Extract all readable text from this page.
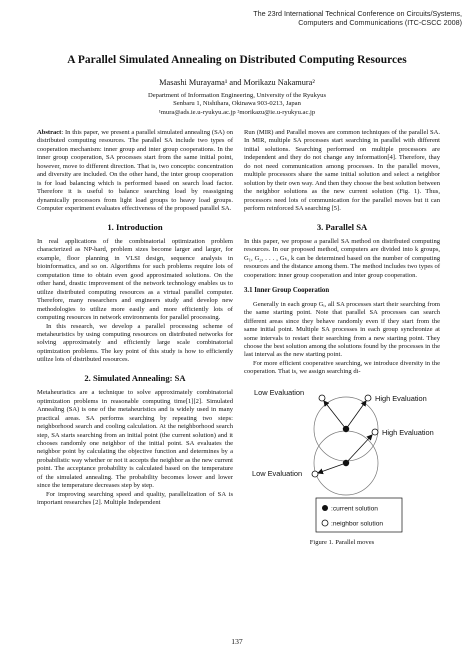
The 23rd International Technical Conference on Circuits/Systems,
Computers and Communications (ITC-CSCC 2008)
A Parallel Simulated Annealing on Distributed Computing Resources
Masashi Murayama¹ and Morikazu Nakamura²
Department of Information Engineering, University of the Ryukyus
Senbaru 1, Nishihara, Okinawa 903-0213, Japan
¹mura@ads.ie.u-ryukyu.ac.jp ²morikazu@ie.u-ryukyu.ac.jp

Abstract: In this paper, we present a parallel simulated annealing (SA) on distributed computing resources. The parallel SA include two types of cooperation mechanism: inner group and inter group cooperations. In the inner group cooperation, SA processes start from the same initial point, however, move to different direction. That is, two concepts: concentration and diversity are included. On the other hand, the inter group cooperation is for load balancing which is performed based on search load factor. Therefore it is useful to balance searching load by reassigning dynamically processors from light load groups to heavy load groups. Computer experiment evaluates effectiveness of the proposed parallel SA.

1. Introduction

In real applications of the combinatorial optimization problem characterized as NP-hard, problem sizes become larger and larger, for example, floor planning in VLSI design, sequence analysis in bioinformatics, and so on. Algorithms for such problems require lots of computation time to obtain even good approximated solutions. On the other hand, drastic improvement of the network technology enables us to utilize distributed computing resources as a virtual parallel computer. Therefore, many researchers and engineers study and develop new methodologies to utilize more easily and more efficiently lots of computing resources in network environments for parallel processing.

In this research, we develop a parallel processing scheme of metaheuristics by using computing resources on distributed networks for solving approximately and efficiently large scale combinatorial optimization problems. The key point of this study is how to efficiently utilize lots of distributed resources.

2. Simulated Annealing: SA

Metaheuristics are a technique to solve approximately combinatorial optimization problems in reasonable computing time[1][2]. Simulated Annealing (SA) is one of the metaheuristics and is widely used in many practical areas. SA performs searching by repeating two steps: neighborhood search and cooling calculation. At the neighborhood search step, SA starts searching from an initial point (the current solution) and it chooses randomly one neighbor of the initial point. SA evaluates the neighbor point by calculating the objective function and determines by a probabilistic way whether or not it accepts the neighbor as the new current point. The acceptance probability is calculated based on the temperature of the simulated annealing. The probability becomes lower and lower since the temperature decreases step by step.

For improving searching speed and quality, parallelization of SA is important researches [2]. Multiple Independent

Run (MIR) and Parallel moves are common techniques of the parallel SA. In MIR, multiple SA processes start searching in parallel with different initial solutions. Searching performed on multiple processors are independent and they do not change any information[4]. Therefore, thay do not need communication among processes. In the parallel moves, multiple processors share the same initial solution and select a neighbor solution by their own way. And then they choose the best solution between the neighbor solutions as the new current solution (Fig. 1). Thus, processors need lots of communication for the parallel moves but it can perform reinforced SA searching [5].

3. Parallel SA

In this paper, we propose a parallel SA method on distributed computing resources. In our proposed method, computers are divided into k groups, G₁, G₂, . . . , Gₖ, k can be determined based on the number of computing resources and the distance among them. The method includes two types of cooperation: inner group cooperation and inter group cooperation.

3.1 Inner Group Cooperation

Generally in each group Gᵢ, all SA processes start their searching from the same starting point. Note that parallel SA processes can search different areas since they behave randomly even if they start from the same initial point. Multiple SA processes in each group synchronize at some intervals to restart their searching from a new starting point. They choose the best solution among the solutions found by the processes in the last interval as the new starting point.

For more efficient cooperative searching, we introduce diversity in the cooperation. That is, we assign searching di-

Low Evaluation
High Evaluation
High Evaluation
Low Evaluation
:current solution
:neighbor solution
Figure 1. Parallel moves
137
